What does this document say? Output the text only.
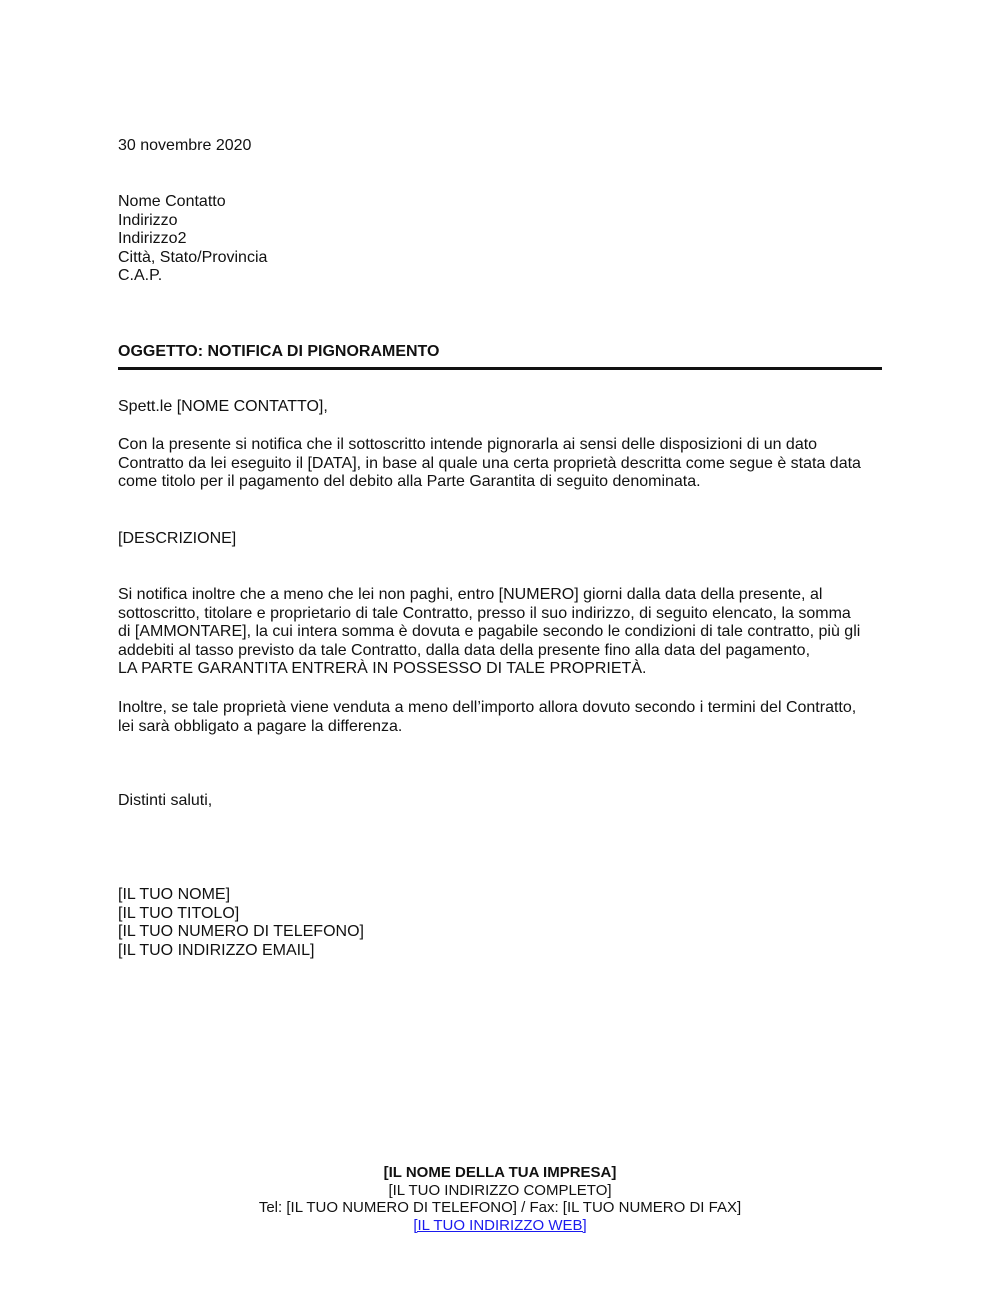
30 novembre 2020
Nome Contatto
Indirizzo
Indirizzo2
Città, Stato/Provincia
C.A.P.
OGGETTO: NOTIFICA DI PIGNORAMENTO
Spett.le [NOME CONTATTO],
Con la presente si notifica che il sottoscritto intende pignorarla ai sensi delle disposizioni di un dato
Contratto da lei eseguito il [DATA], in base al quale una certa proprietà descritta come segue è stata data
come titolo per il pagamento del debito alla Parte Garantita di seguito denominata.
[DESCRIZIONE]
Si notifica inoltre che a meno che lei non paghi, entro [NUMERO] giorni dalla data della presente, al
sottoscritto, titolare e proprietario di tale Contratto, presso il suo indirizzo, di seguito elencato, la somma
di [AMMONTARE], la cui intera somma è dovuta e pagabile secondo le condizioni di tale contratto, più gli
addebiti al tasso previsto da tale Contratto, dalla data della presente fino alla data del pagamento,
LA PARTE GARANTITA ENTRERÀ IN POSSESSO DI TALE PROPRIETÀ.
Inoltre, se tale proprietà viene venduta a meno dell’importo allora dovuto secondo i termini del Contratto,
lei sarà obbligato a pagare la differenza.
Distinti saluti,
[IL TUO NOME]
[IL TUO TITOLO]
[IL TUO NUMERO DI TELEFONO]
[IL TUO INDIRIZZO EMAIL]
[IL NOME DELLA TUA IMPRESA]
[IL TUO INDIRIZZO COMPLETO]
Tel: [IL TUO NUMERO DI TELEFONO] / Fax: [IL TUO NUMERO DI FAX]
[IL TUO INDIRIZZO WEB]
